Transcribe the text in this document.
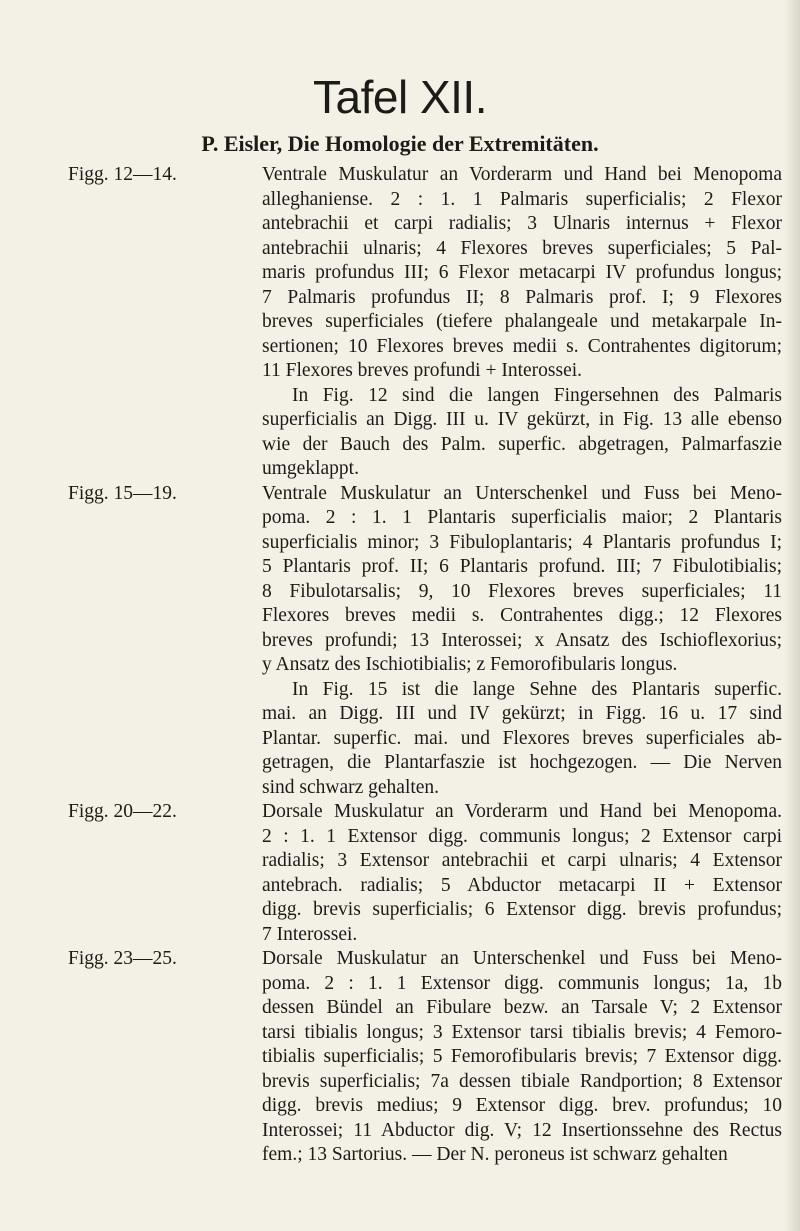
Tafel XII.
P. Eisler, Die Homologie der Extremitäten.
Figg. 12—14.	Ventrale Muskulatur an Vorderarm und Hand bei Menopoma
alleghaniense. 2 : 1. 1 Palmaris superficialis; 2 Flexor
antebrachii et carpi radialis; 3 Ulnaris internus + Flexor
antebrachii ulnaris; 4 Flexores breves superficiales; 5 Pal-
maris profundus III; 6 Flexor metacarpi IV profundus longus;
7 Palmaris profundus II; 8 Palmaris prof. I; 9 Flexores
breves superficiales (tiefere phalangeale und metakarpale In-
sertionen; 10 Flexores breves medii s. Contrahentes digitorum;
11 Flexores breves profundi + Interossei.
In Fig. 12 sind die langen Fingersehnen des Palmaris
superficialis an Digg. III u. IV gekürzt, in Fig. 13 alle ebenso
wie der Bauch des Palm. superfic. abgetragen, Palmarfaszie
umgeklappt.
Figg. 15—19.	Ventrale Muskulatur an Unterschenkel und Fuss bei Meno-
poma. 2 : 1. 1 Plantaris superficialis maior; 2 Plantaris
superficialis minor; 3 Fibuloplantaris; 4 Plantaris profundus I;
5 Plantaris prof. II; 6 Plantaris profund. III; 7 Fibulotibialis;
8 Fibulotarsalis; 9, 10 Flexores breves superficiales; 11
Flexores breves medii s. Contrahentes digg.; 12 Flexores
breves profundi; 13 Interossei; x Ansatz des Ischioflexorius;
y Ansatz des Ischiotibialis; z Femorofibularis longus.
In Fig. 15 ist die lange Sehne des Plantaris superfic.
mai. an Digg. III und IV gekürzt; in Figg. 16 u. 17 sind
Plantar. superfic. mai. und Flexores breves superficiales ab-
getragen, die Plantarfaszie ist hochgezogen. — Die Nerven
sind schwarz gehalten.
Figg. 20—22.	Dorsale Muskulatur an Vorderarm und Hand bei Menopoma.
2 : 1. 1 Extensor digg. communis longus; 2 Extensor carpi
radialis; 3 Extensor antebrachii et carpi ulnaris; 4 Extensor
antebrach. radialis; 5 Abductor metacarpi II + Extensor
digg. brevis superficialis; 6 Extensor digg. brevis profundus;
7 Interossei.
Figg. 23—25.	Dorsale Muskulatur an Unterschenkel und Fuss bei Meno-
poma. 2 : 1. 1 Extensor digg. communis longus; 1a, 1b
dessen Bündel an Fibulare bezw. an Tarsale V; 2 Extensor
tarsi tibialis longus; 3 Extensor tarsi tibialis brevis; 4 Femoro-
tibialis superficialis; 5 Femorofibularis brevis; 7 Extensor digg.
brevis superficialis; 7a dessen tibiale Randportion; 8 Extensor
digg. brevis medius; 9 Extensor digg. brev. profundus; 10
Interossei; 11 Abductor dig. V; 12 Insertionssehne des Rectus
fem.; 13 Sartorius. — Der N. peroneus ist schwarz gehalten
